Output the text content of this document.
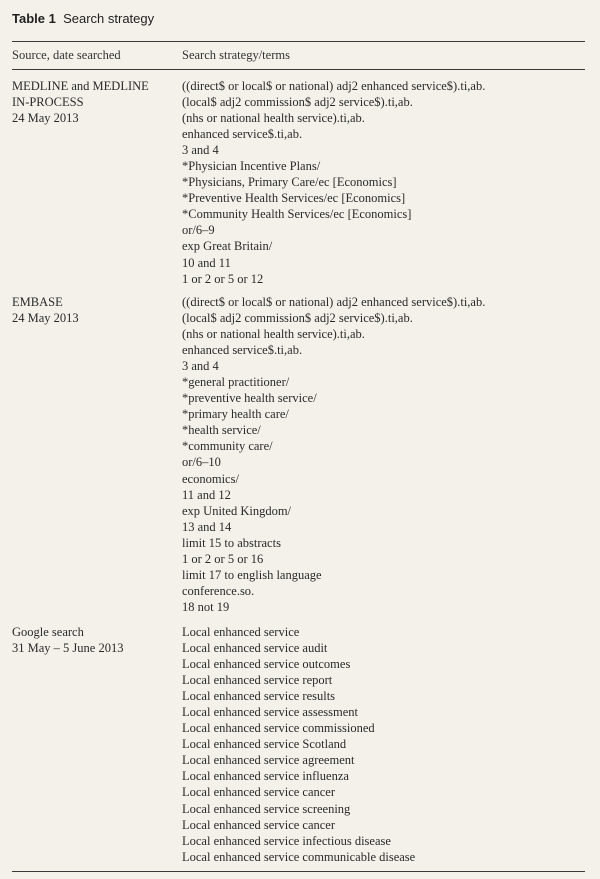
Table 1 Search strategy
Source, date searched	Search strategy/terms
MEDLINE and MEDLINE
IN-PROCESS
24 May 2013
((direct$ or local$ or national) adj2 enhanced service$).ti,ab.
(local$ adj2 commission$ adj2 service$).ti,ab.
(nhs or national health service).ti,ab.
enhanced service$.ti,ab.
3 and 4
*Physician Incentive Plans/
*Physicians, Primary Care/ec [Economics]
*Preventive Health Services/ec [Economics]
*Community Health Services/ec [Economics]
or/6–9
exp Great Britain/
10 and 11
1 or 2 or 5 or 12
EMBASE
24 May 2013
((direct$ or local$ or national) adj2 enhanced service$).ti,ab.
(local$ adj2 commission$ adj2 service$).ti,ab.
(nhs or national health service).ti,ab.
enhanced service$.ti,ab.
3 and 4
*general practitioner/
*preventive health service/
*primary health care/
*health service/
*community care/
or/6–10
economics/
11 and 12
exp United Kingdom/
13 and 14
limit 15 to abstracts
1 or 2 or 5 or 16
limit 17 to english language
conference.so.
18 not 19
Google search
31 May – 5 June 2013
Local enhanced service
Local enhanced service audit
Local enhanced service outcomes
Local enhanced service report
Local enhanced service results
Local enhanced service assessment
Local enhanced service commissioned
Local enhanced service Scotland
Local enhanced service agreement
Local enhanced service influenza
Local enhanced service cancer
Local enhanced service screening
Local enhanced service cancer
Local enhanced service infectious disease
Local enhanced service communicable disease
